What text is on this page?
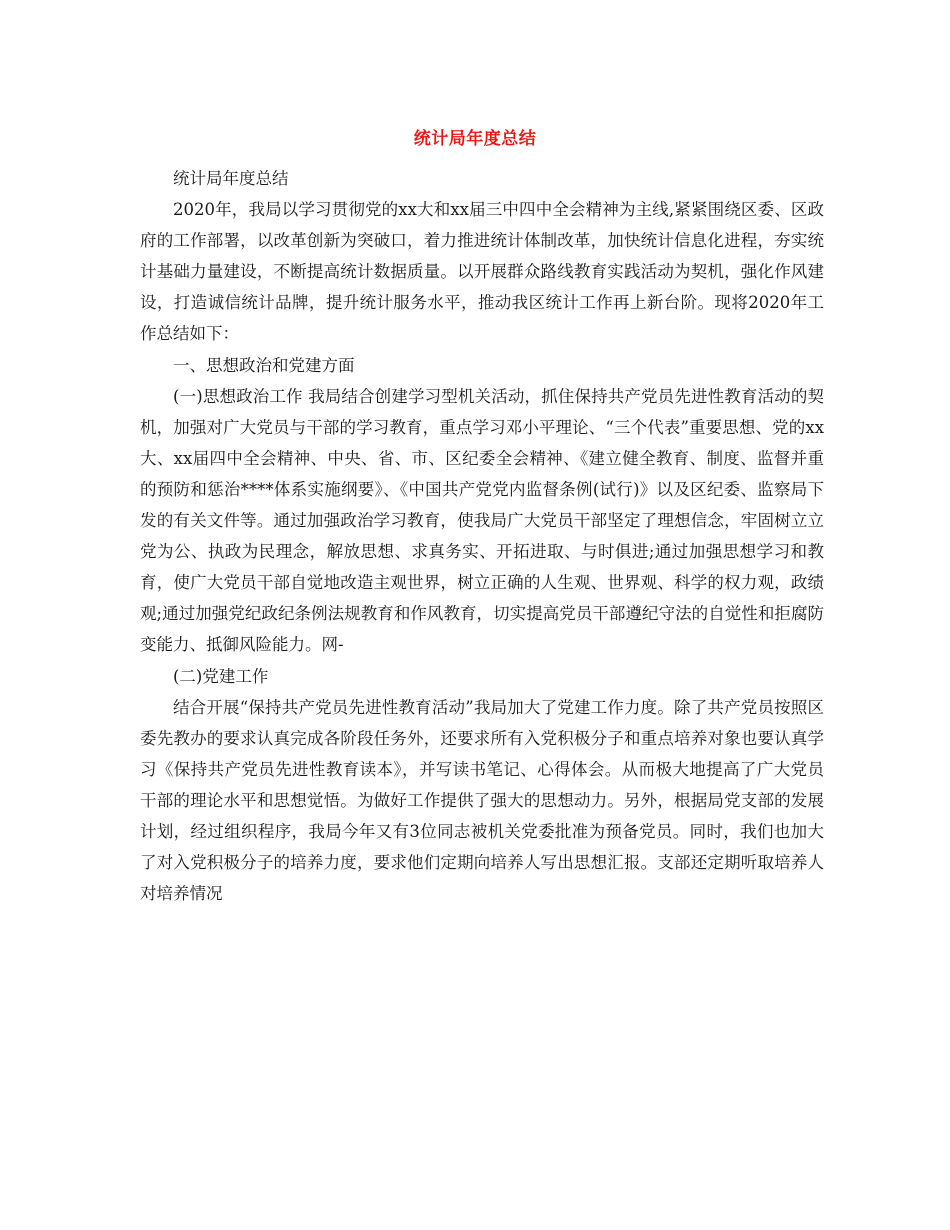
统计局年度总结

统计局年度总结

2020年，我局以学习贯彻党的xx大和xx届三中四中全会精神为主线,紧紧围绕区委、区政府的工作部署，以改革创新为突破口，着力推进统计体制改革，加快统计信息化进程，夯实统计基础力量建设，不断提高统计数据质量。以开展群众路线教育实践活动为契机，强化作风建设，打造诚信统计品牌，提升统计服务水平，推动我区统计工作再上新台阶。现将2020年工作总结如下：

一、思想政治和党建方面

(一)思想政治工作 我局结合创建学习型机关活动，抓住保持共产党员先进性教育活动的契机，加强对广大党员与干部的学习教育，重点学习邓小平理论、“三个代表”重要思想、党的xx大、xx届四中全会精神、中央、省、市、区纪委全会精神、《建立健全教育、制度、监督并重的预防和惩治****体系实施纲要》、《中国共产党党内监督条例(试行)》以及区纪委、监察局下发的有关文件等。通过加强政治学习教育，使我局广大党员干部坚定了理想信念，牢固树立立党为公、执政为民理念，解放思想、求真务实、开拓进取、与时俱进;通过加强思想学习和教育，使广大党员干部自觉地改造主观世界，树立正确的人生观、世界观、科学的权力观，政绩观;通过加强党纪政纪条例法规教育和作风教育，切实提高党员干部遵纪守法的自觉性和拒腐防变能力、抵御风险能力。网-

(二)党建工作

结合开展“保持共产党员先进性教育活动”我局加大了党建工作力度。除了共产党员按照区委先教办的要求认真完成各阶段任务外，还要求所有入党积极分子和重点培养对象也要认真学习《保持共产党员先进性教育读本》，并写读书笔记、心得体会。从而极大地提高了广大党员干部的理论水平和思想觉悟。为做好工作提供了强大的思想动力。另外，根据局党支部的发展计划，经过组织程序，我局今年又有3位同志被机关党委批准为预备党员。同时，我们也加大了对入党积极分子的培养力度，要求他们定期向培养人写出思想汇报。支部还定期听取培养人对培养情况
